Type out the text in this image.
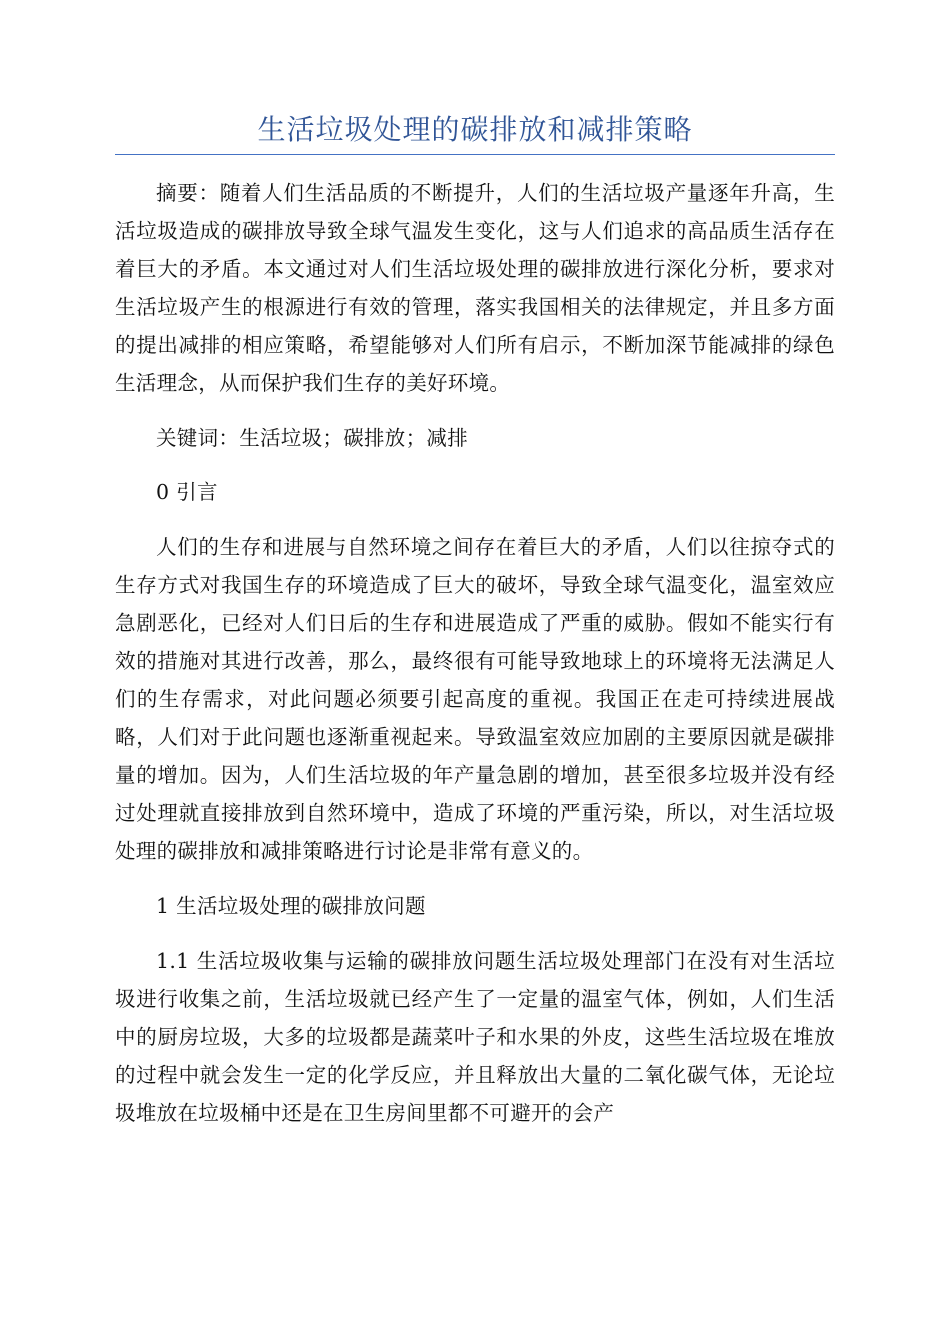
生活垃圾处理的碳排放和减排策略

摘要：随着人们生活品质的不断提升，人们的生活垃圾产量逐年升高，生活垃圾造成的碳排放导致全球气温发生变化，这与人们追求的高品质生活存在着巨大的矛盾。本文通过对人们生活垃圾处理的碳排放进行深化分析，要求对生活垃圾产生的根源进行有效的管理，落实我国相关的法律规定，并且多方面的提出减排的相应策略，希望能够对人们所有启示，不断加深节能减排的绿色生活理念，从而保护我们生存的美好环境。

关键词：生活垃圾；碳排放；减排

0 引言

人们的生存和进展与自然环境之间存在着巨大的矛盾，人们以往掠夺式的生存方式对我国生存的环境造成了巨大的破坏，导致全球气温变化，温室效应急剧恶化，已经对人们日后的生存和进展造成了严重的威胁。假如不能实行有效的措施对其进行改善，那么，最终很有可能导致地球上的环境将无法满足人们的生存需求，对此问题必须要引起高度的重视。我国正在走可持续进展战略，人们对于此问题也逐渐重视起来。导致温室效应加剧的主要原因就是碳排量的增加。因为，人们生活垃圾的年产量急剧的增加，甚至很多垃圾并没有经过处理就直接排放到自然环境中，造成了环境的严重污染，所以，对生活垃圾处理的碳排放和减排策略进行讨论是非常有意义的。

1 生活垃圾处理的碳排放问题

1.1 生活垃圾收集与运输的碳排放问题生活垃圾处理部门在没有对生活垃圾进行收集之前，生活垃圾就已经产生了一定量的温室气体，例如，人们生活中的厨房垃圾，大多的垃圾都是蔬菜叶子和水果的外皮，这些生活垃圾在堆放的过程中就会发生一定的化学反应，并且释放出大量的二氧化碳气体，无论垃圾堆放在垃圾桶中还是在卫生房间里都不可避开的会产
